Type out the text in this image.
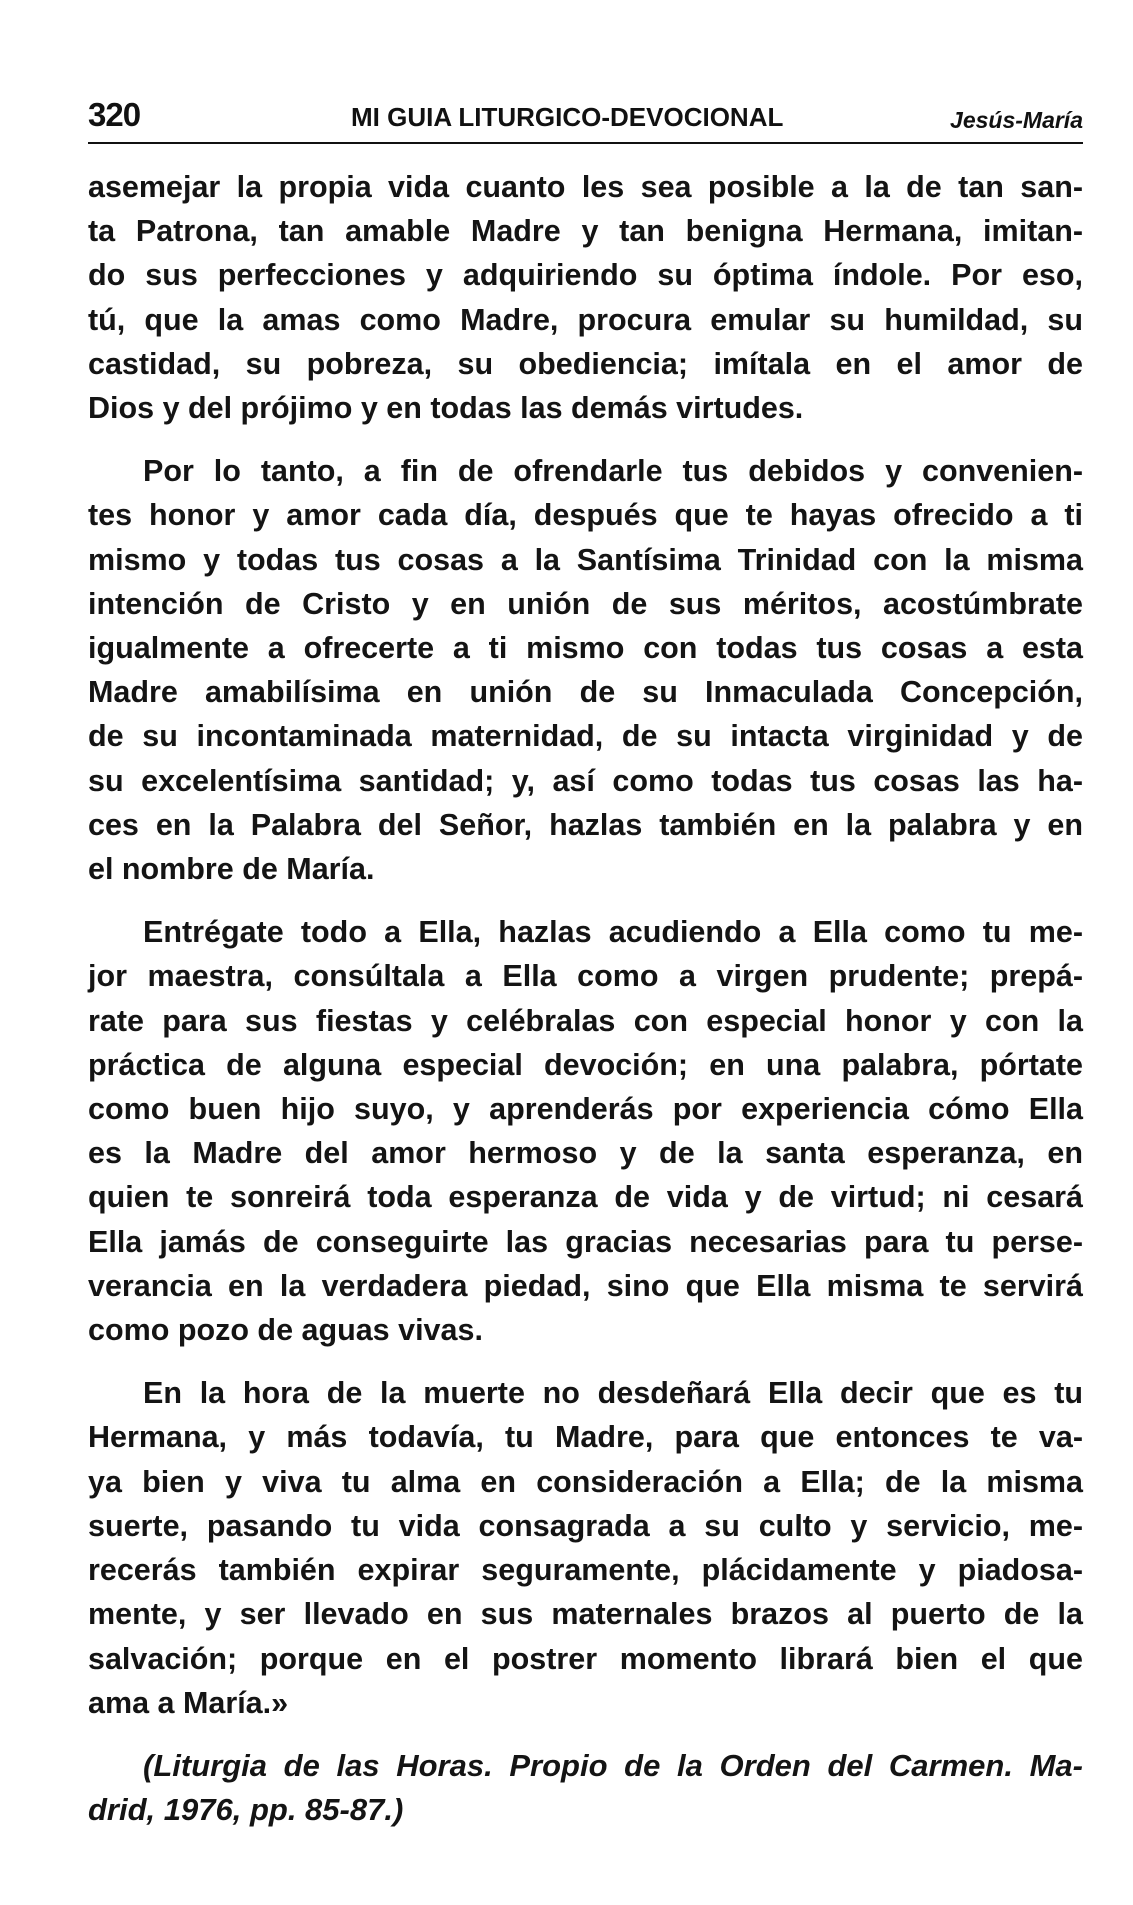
320	MI GUIA LITURGICO-DEVOCIONAL	Jesús-María

asemejar la propia vida cuanto les sea posible a la de tan san-
ta Patrona, tan amable Madre y tan benigna Hermana, imitan-
do sus perfecciones y adquiriendo su óptima índole. Por eso,
tú, que la amas como Madre, procura emular su humildad, su
castidad, su pobreza, su obediencia; imítala en el amor de
Dios y del prójimo y en todas las demás virtudes.

Por lo tanto, a fin de ofrendarle tus debidos y convenien-
tes honor y amor cada día, después que te hayas ofrecido a ti
mismo y todas tus cosas a la Santísima Trinidad con la misma
intención de Cristo y en unión de sus méritos, acostúmbrate
igualmente a ofrecerte a ti mismo con todas tus cosas a esta
Madre amabilísima en unión de su Inmaculada Concepción,
de su incontaminada maternidad, de su intacta virginidad y de
su excelentísima santidad; y, así como todas tus cosas las ha-
ces en la Palabra del Señor, hazlas también en la palabra y en
el nombre de María.

Entrégate todo a Ella, hazlas acudiendo a Ella como tu me-
jor maestra, consúltala a Ella como a virgen prudente; prepá-
rate para sus fiestas y celébralas con especial honor y con la
práctica de alguna especial devoción; en una palabra, pórtate
como buen hijo suyo, y aprenderás por experiencia cómo Ella
es la Madre del amor hermoso y de la santa esperanza, en
quien te sonreirá toda esperanza de vida y de virtud; ni cesará
Ella jamás de conseguirte las gracias necesarias para tu perse-
verancia en la verdadera piedad, sino que Ella misma te servirá
como pozo de aguas vivas.

En la hora de la muerte no desdeñará Ella decir que es tu
Hermana, y más todavía, tu Madre, para que entonces te va-
ya bien y viva tu alma en consideración a Ella; de la misma
suerte, pasando tu vida consagrada a su culto y servicio, me-
recerás también expirar seguramente, plácidamente y piadosa-
mente, y ser llevado en sus maternales brazos al puerto de la
salvación; porque en el postrer momento librará bien el que
ama a María.»

(Liturgia de las Horas. Propio de la Orden del Carmen. Ma-
drid, 1976, pp. 85-87.)
